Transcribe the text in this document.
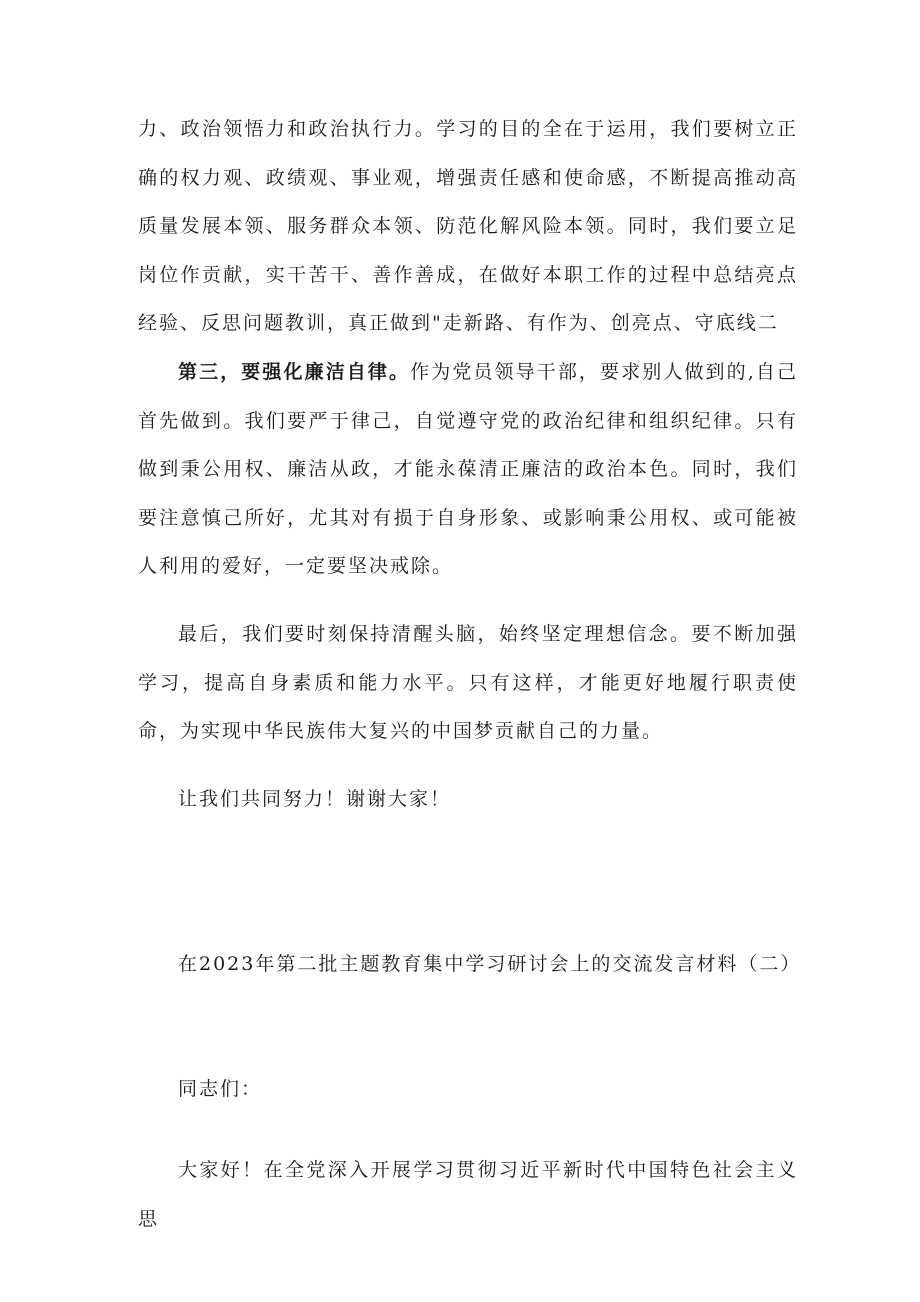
力、政治领悟力和政治执行力。学习的目的全在于运用，我们要树立正确的权力观、政绩观、事业观，增强责任感和使命感，不断提高推动高质量发展本领、服务群众本领、防范化解风险本领。同时，我们要立足岗位作贡献，实干苦干、善作善成，在做好本职工作的过程中总结亮点经验、反思问题教训，真正做到"走新路、有作为、创亮点、守底线二

第三，要强化廉洁自律。作为党员领导干部，要求别人做到的,自己首先做到。我们要严于律己，自觉遵守党的政治纪律和组织纪律。只有做到秉公用权、廉洁从政，才能永葆清正廉洁的政治本色。同时，我们要注意慎己所好，尤其对有损于自身形象、或影响秉公用权、或可能被人利用的爱好，一定要坚决戒除。

最后，我们要时刻保持清醒头脑，始终坚定理想信念。要不断加强学习，提高自身素质和能力水平。只有这样，才能更好地履行职责使命，为实现中华民族伟大复兴的中国梦贡献自己的力量。

让我们共同努力！谢谢大家！

在2023年第二批主题教育集中学习研讨会上的交流发言材料（二）

同志们：

大家好！在全党深入开展学习贯彻习近平新时代中国特色社会主义思
